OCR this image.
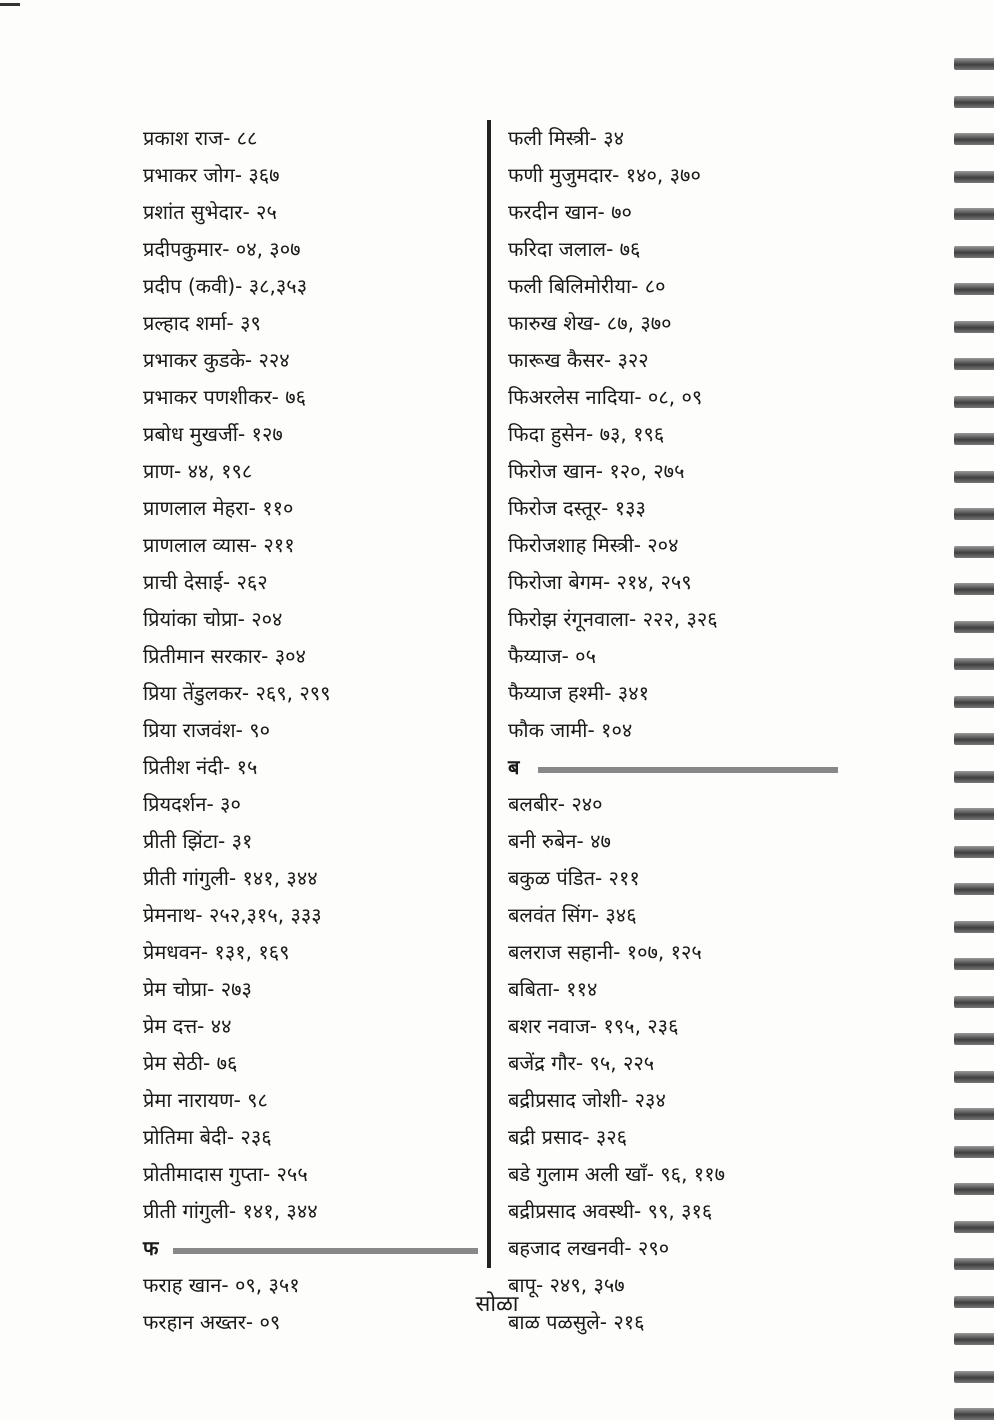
प्रकाश राज- ८८
प्रभाकर जोग- ३६७
प्रशांत सुभेदार- २५
प्रदीपकुमार- ०४, ३०७
प्रदीप (कवी)- ३८,३५३
प्रल्हाद शर्मा- ३९
प्रभाकर कुडके- २२४
प्रभाकर पणशीकर- ७६
प्रबोध मुखर्जी- १२७
प्राण- ४४, १९८
प्राणलाल मेहरा- ११०
प्राणलाल व्यास- २११
प्राची देसाई- २६२
प्रियांका चोप्रा- २०४
प्रितीमान सरकार- ३०४
प्रिया तेंडुलकर- २६९, २९९
प्रिया राजवंश- ९०
प्रितीश नंदी- १५
प्रियदर्शन- ३०
प्रीती झिंटा- ३१
प्रीती गांगुली- १४१, ३४४
प्रेमनाथ- २५२,३१५, ३३३
प्रेमधवन- १३१, १६९
प्रेम चोप्रा- २७३
प्रेम दत्त- ४४
प्रेम सेठी- ७६
प्रेमा नारायण- ९८
प्रोतिमा बेदी- २३६
प्रोतीमादास गुप्ता- २५५
प्रीती गांगुली- १४१, ३४४
फ
फराह खान- ०९, ३५१
फरहान अख्तर- ०९
फली मिस्त्री- ३४
फणी मुजुमदार- १४०, ३७०
फरदीन खान- ७०
फरिदा जलाल- ७६
फली बिलिमोरीया- ८०
फारुख शेख- ८७, ३७०
फारूख कैसर- ३२२
फिअरलेस नादिया- ०८, ०९
फिदा हुसेन- ७३, १९६
फिरोज खान- १२०, २७५
फिरोज दस्तूर- १३३
फिरोजशाह मिस्त्री- २०४
फिरोजा बेगम- २१४, २५९
फिरोझ रंगूनवाला- २२२, ३२६
फैय्याज- ०५
फैय्याज हश्मी- ३४१
फौक जामी- १०४
ब
बलबीर- २४०
बनी रुबेन- ४७
बकुळ पंडित- २११
बलवंत सिंग- ३४६
बलराज सहानी- १०७, १२५
बबिता- ११४
बशर नवाज- १९५, २३६
बजेंद्र गौर- ९५, २२५
बद्रीप्रसाद जोशी- २३४
बद्री प्रसाद- ३२६
बडे गुलाम अली खाँ- ९६, ११७
बद्रीप्रसाद अवस्थी- ९९, ३१६
बहजाद लखनवी- २९०
बापू- २४९, ३५७
बाळ पळसुले- २१६
सोळा
